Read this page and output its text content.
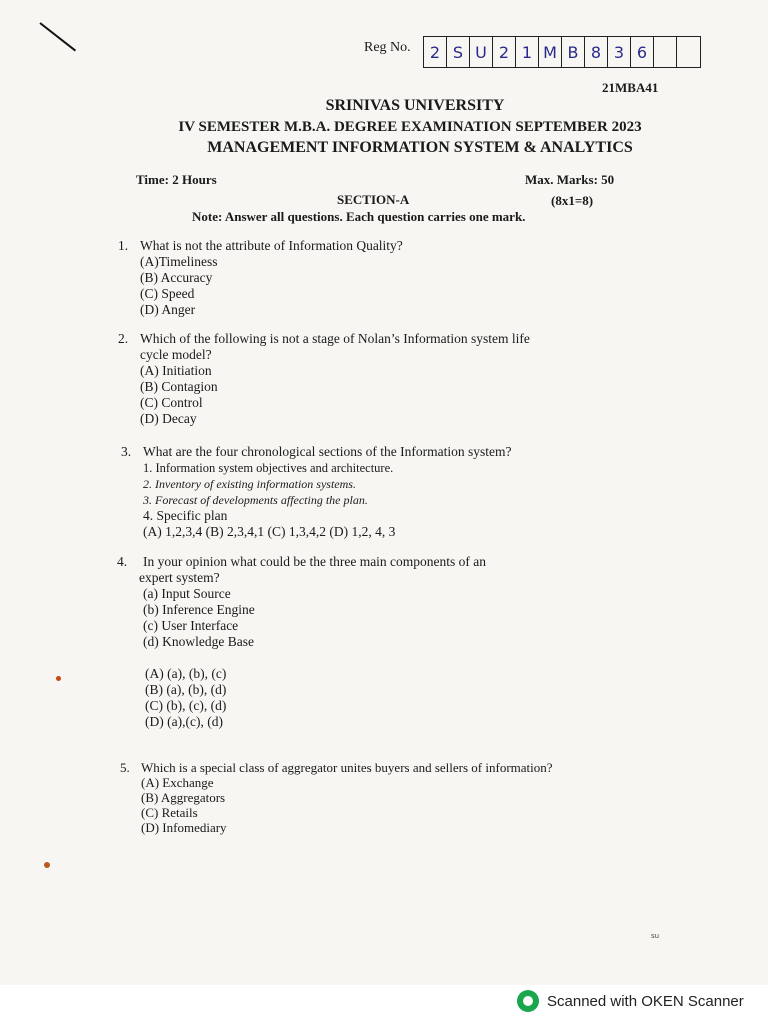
Reg No.	2 S U 2 1 M B 8 3 6
21MBA41
SRINIVAS UNIVERSITY
IV SEMESTER M.B.A. DEGREE EXAMINATION SEPTEMBER 2023
MANAGEMENT INFORMATION SYSTEM & ANALYTICS
Time: 2 Hours	Max. Marks: 50
SECTION-A	(8x1=8)
Note: Answer all questions. Each question carries one mark.
1. What is not the attribute of Information Quality?
(A)Timeliness
(B) Accuracy
(C) Speed
(D) Anger
2. Which of the following is not a stage of Nolan’s Information system life
cycle model?
(A) Initiation
(B) Contagion
(C) Control
(D) Decay
3. What are the four chronological sections of the Information system?
1. Information system objectives and architecture.
2. Inventory of existing information systems.
3. Forecast of developments affecting the plan.
4. Specific plan
(A) 1,2,3,4 (B) 2,3,4,1 (C) 1,3,4,2 (D) 1,2, 4, 3
4. In your opinion what could be the three main components of an
expert system?
(a) Input Source
(b) Inference Engine
(c) User Interface
(d) Knowledge Base
(A) (a), (b), (c)
(B) (a), (b), (d)
(C) (b), (c), (d)
(D) (a),(c), (d)
5. Which is a special class of aggregator unites buyers and sellers of information?
(A) Exchange
(B) Aggregators
(C) Retails
(D) Infomediary
su
Scanned with OKEN Scanner
